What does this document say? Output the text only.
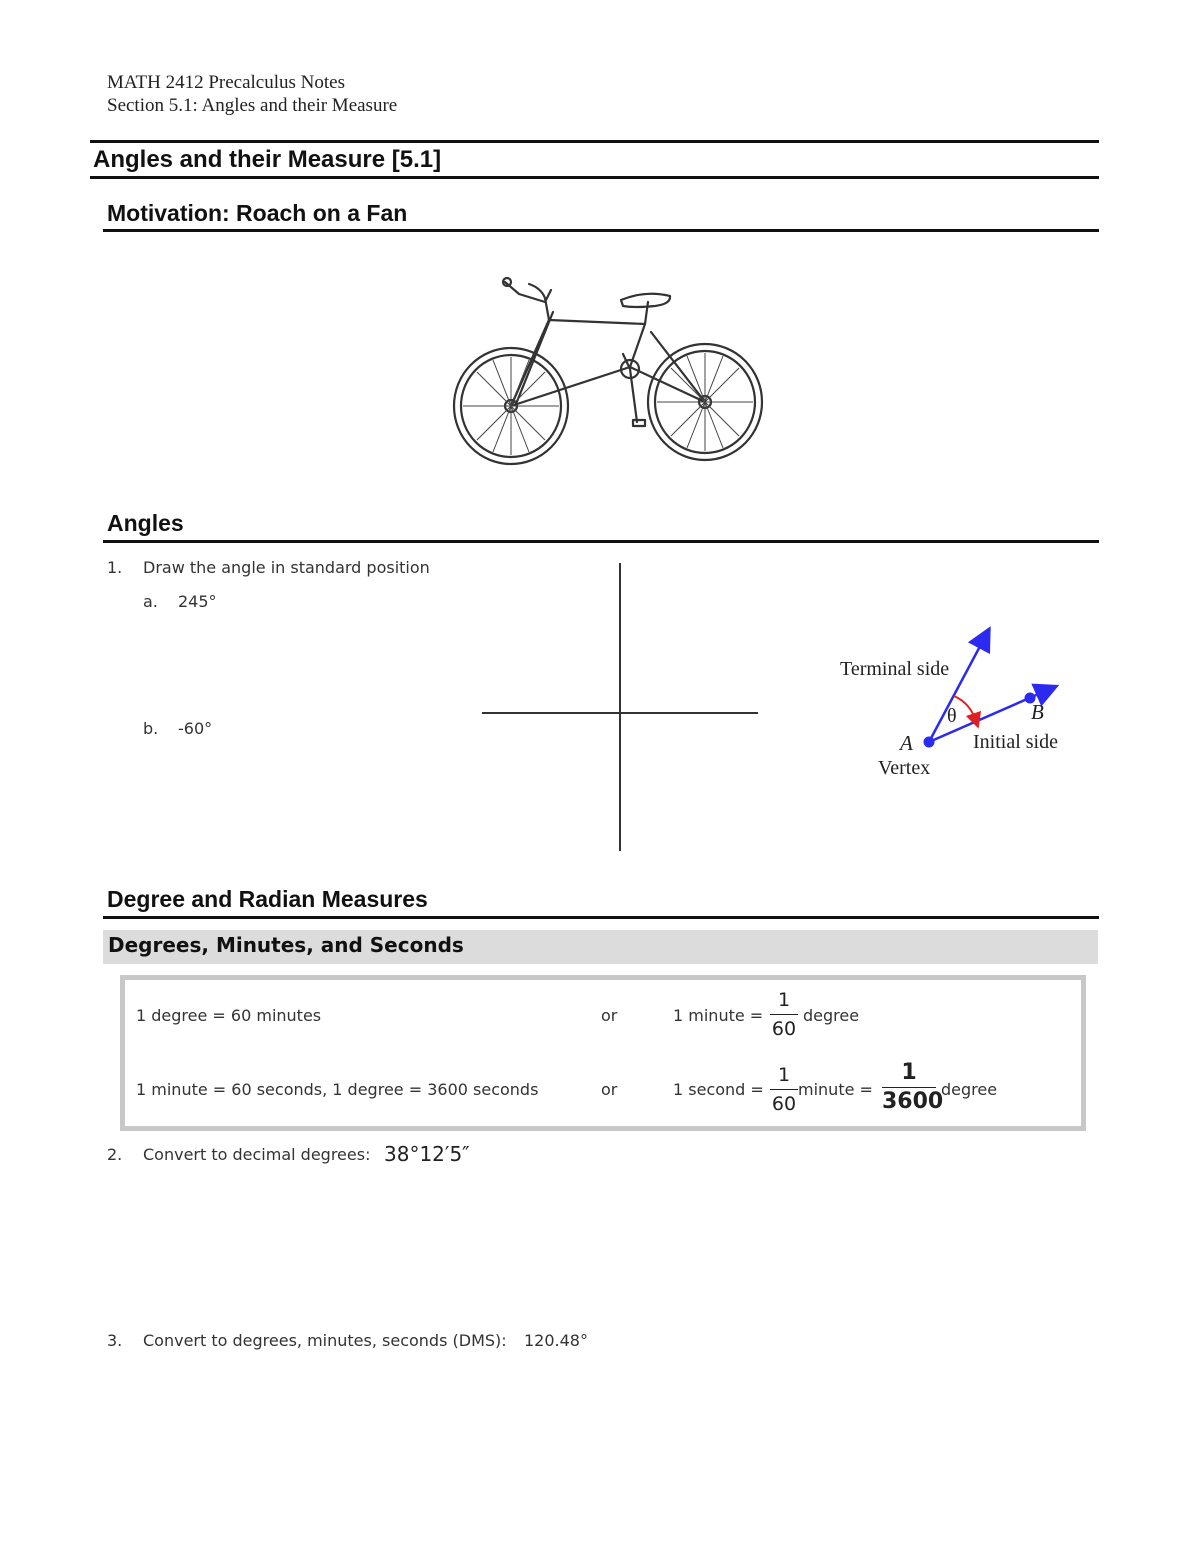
MATH 2412 Precalculus Notes
Section 5.1: Angles and their Measure
Angles and their Measure [5.1]
Motivation: Roach on a Fan
Angles
1. Draw the angle in standard position
a. 245°
b. -60°
Terminal side
θ	B
A	Initial side
Vertex
Degree and Radian Measures
Degrees, Minutes, and Seconds
1 degree = 60 minutes	or	1 minute =
1
60
degree
1 minute = 60 seconds, 1 degree = 3600 seconds	or	1 second =
1
60
minute =
1
3600
degree
2. Convert to decimal degrees: 38°12′5″
3. Convert to degrees, minutes, seconds (DMS): 120.48°
